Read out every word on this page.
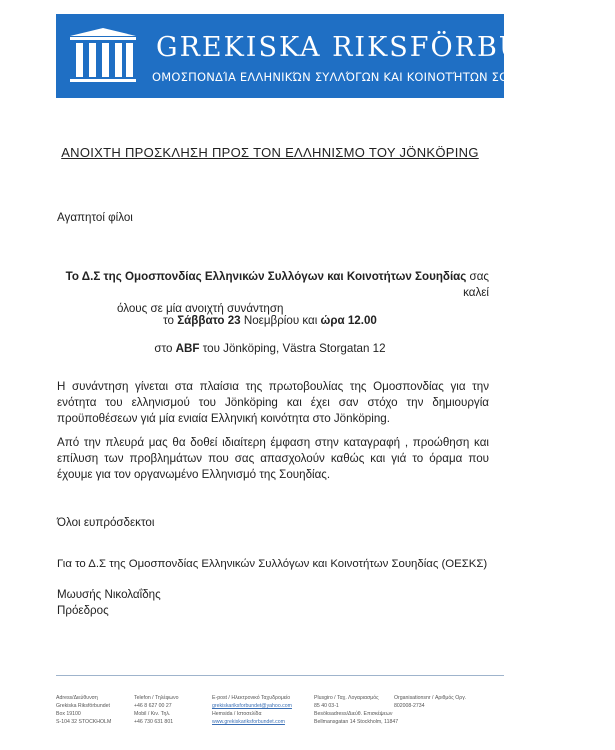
GREKISKA RIKSFÖRBUNDET
ΟΜΟΣΠΟΝΔΊΑ ΕΛΛΗΝΙΚΏΝ ΣΥΛΛΌΓΩΝ ΚΑΙ ΚΟΙΝΟΤΉΤΩΝ ΣΟΥΗΔΊΑΣ
ΑΝΟΙΧΤΗ ΠΡΟΣΚΛΗΣΗ ΠΡΟΣ ΤΟΝ ΕΛΛΗΝΙΣΜΟ ΤΟΥ JÖNKÖPING
Αγαπητοί φίλοι
Το Δ.Σ της Ομοσπονδίας Ελληνικών Συλλόγων και Κοινοτήτων Σουηδίας σας καλεί
όλους σε μία ανοιχτή συνάντηση
το Σάββατο 23 Νοεμβρίου και ώρα 12.00
στο ABF του Jönköping, Västra Storgatan 12
Η συνάντηση γίνεται στα πλαίσια της πρωτοβουλίας της Ομοσπονδίας για την ενότητα του ελληνισμού του Jönköping και έχει σαν στόχο την δημιουργία προϋποθέσεων γιά μία ενιαία Ελληνική κοινότητα στο Jönköping.
Από την πλευρά μας θα δοθεί ιδιαίτερη έμφαση στην καταγραφή , προώθηση και επίλυση των προβλημάτων που σας απασχολούν καθώς και γιά το όραμα που έχουμε για τον οργανωμένο Ελληνισμό της Σουηδίας.
Όλοι ευπρόσδεκτοι
Για το Δ.Σ της Ομοσπονδίας Ελληνικών Συλλόγων και Κοινοτήτων Σουηδίας (ΟΕΣΚΣ)
Μωυσής Νικολαΐδης
Πρόεδρος
Adress/Διεύθυνση
Grekiska Riksförbundet
Box 19100
S-104 32 STOCKHOLM
Telefon / Τηλέφωνο
+46 8 627 00 27
Mobil / Κιν. Τηλ.
+46 730 631 801
E-post / Ηλεκτρονικό Ταχυδρομείο
grekiskariksforbundet@yahoo.com
Hemsida / Ιστοσελίδα
www.grekiskariksforbundet.com
Plusgiro / Ταχ. Λογαριασμός
85 40 03-1
Besöksadress/Διεύθ. Επισκέψεων
Bellmansgatan 14 Stockholm, 11847
Organisationsnr / Αριθμός Οργ.
802008-2734
